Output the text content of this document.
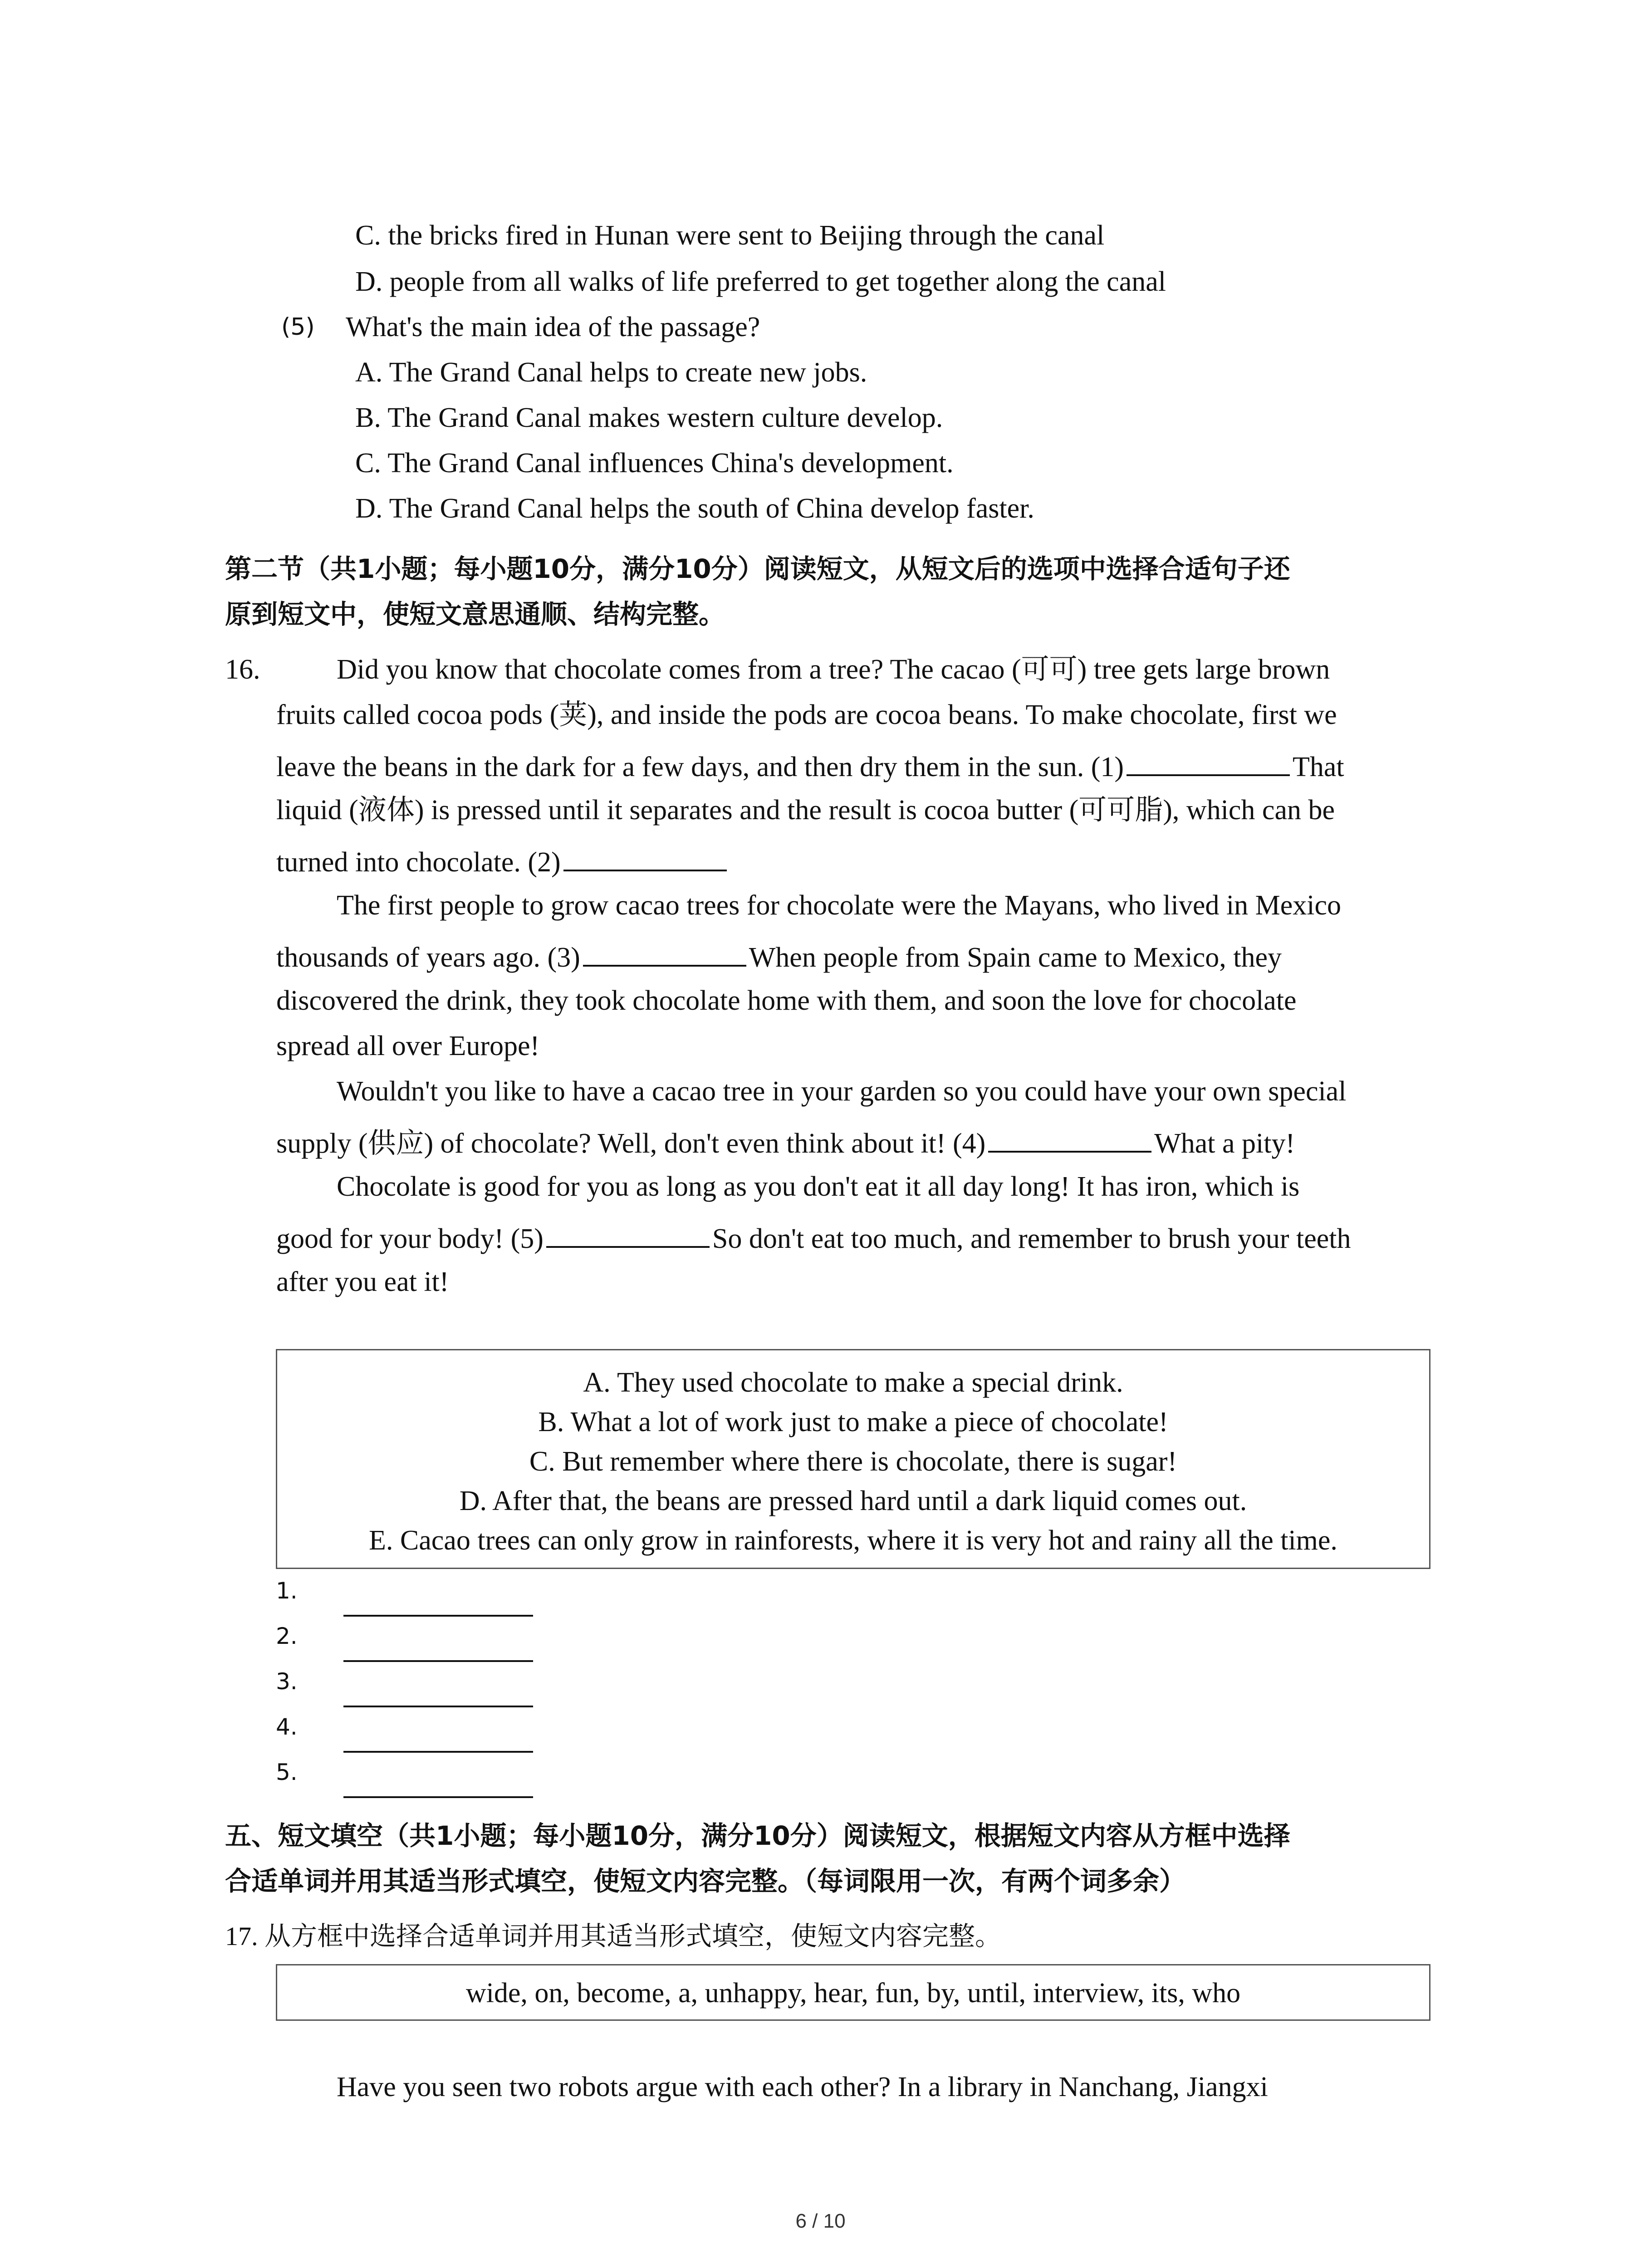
C. the bricks fired in Hunan were sent to Beijing through the canal
D. people from all walks of life preferred to get together along the canal
(5) What's the main idea of the passage?
A. The Grand Canal helps to create new jobs.
B. The Grand Canal makes western culture develop.
C. The Grand Canal influences China's development.
D. The Grand Canal helps the south of China develop faster.
第二节（共1小题；每小题10分，满分10分）阅读短文，从短文后的选项中选择合适句子还
原到短文中，使短文意思通顺、结构完整。
16.	Did you know that chocolate comes from a tree? The cacao (可可) tree gets large brown
fruits called cocoa pods (荚), and inside the pods are cocoa beans. To make chocolate, first we
leave the beans in the dark for a few days, and then dry them in the sun. (1)	That
liquid (液体) is pressed until it separates and the result is cocoa butter (可可脂), which can be
turned into chocolate. (2)
The first people to grow cacao trees for chocolate were the Mayans, who lived in Mexico
thousands of years ago. (3)	When people from Spain came to Mexico, they
discovered the drink, they took chocolate home with them, and soon the love for chocolate
spread all over Europe!
Wouldn't you like to have a cacao tree in your garden so you could have your own special
supply (供应) of chocolate? Well, don't even think about it! (4)	What a pity!
Chocolate is good for you as long as you don't eat it all day long! It has iron, which is
good for your body! (5)	So don't eat too much, and remember to brush your teeth
after you eat it!
A. They used chocolate to make a special drink.
B. What a lot of work just to make a piece of chocolate!
C. But remember where there is chocolate, there is sugar!
D. After that, the beans are pressed hard until a dark liquid comes out.
E. Cacao trees can only grow in rainforests, where it is very hot and rainy all the time.
1.
2.
3.
4.
5.
五、短文填空（共1小题；每小题10分，满分10分）阅读短文，根据短文内容从方框中选择
合适单词并用其适当形式填空，使短文内容完整。（每词限用一次，有两个词多余）
17. 从方框中选择合适单词并用其适当形式填空，使短文内容完整。
wide, on, become, a, unhappy, hear, fun, by, until, interview, its, who
Have you seen two robots argue with each other? In a library in Nanchang, Jiangxi
6 / 10
